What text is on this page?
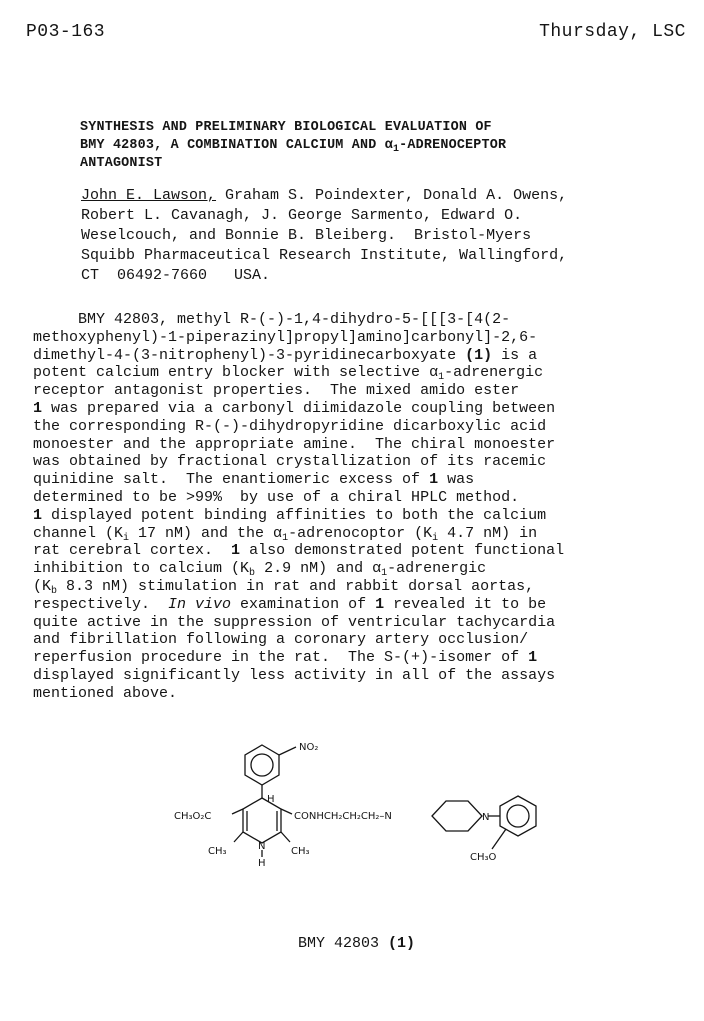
P03-163	Thursday, LSC
SYNTHESIS AND PRELIMINARY BIOLOGICAL EVALUATION OF
BMY 42803, A COMBINATION CALCIUM AND $\alpha_1$-ADRENOCEPTOR
ANTAGONIST
John E. Lawson, Graham S. Poindexter, Donald A. Owens,
Robert L. Cavanagh, J. George Sarmento, Edward O.
Weselcouch, and Bonnie B. Bleiberg.  Bristol-Myers
Squibb Pharmaceutical Research Institute, Wallingford,
CT  06492-7660   USA.
BMY 42803, methyl R-(-)-1,4-dihydro-5-[[[3-[4(2-
methoxyphenyl)-1-piperazinyl]propyl]amino]carbonyl]-2,6-
dimethyl-4-(3-nitrophenyl)-3-pyridinecarboxyate (1) is a
potent calcium entry blocker with selective $\alpha_1$-adrenergic
receptor antagonist properties.  The mixed amido ester
1 was prepared via a carbonyl diimidazole coupling between
the corresponding R-(-)-dihydropyridine dicarboxylic acid
monoester and the appropriate amine.  The chiral monoester
was obtained by fractional crystallization of its racemic
quinidine salt.  The enantiomeric excess of 1 was
determined to be >99%  by use of a chiral HPLC method.
1 displayed potent binding affinities to both the calcium
channel ($K_i$ 17 nM) and the $\alpha_1$-adrenocoptor ($K_i$ 4.7 nM) in
rat cerebral cortex.  1 also demonstrated potent functional
inhibition to calcium ($K_b$ 2.9 nM) and $\alpha_1$-adrenergic
($K_b$ 8.3 nM) stimulation in rat and rabbit dorsal aortas,
respectively.  In vivo examination of 1 revealed it to be
quite active in the suppression of ventricular tachycardia
and fibrillation following a coronary artery occlusion/
reperfusion procedure in the rat.  The S-(+)-isomer of 1
displayed significantly less activity in all of the assays
mentioned above.
NO₂
H
CH₃O₂C	CONHCH₂CH₂CH₂–N
N
H
N
CH₃	CH₃
CH₃O
BMY 42803 (1)
